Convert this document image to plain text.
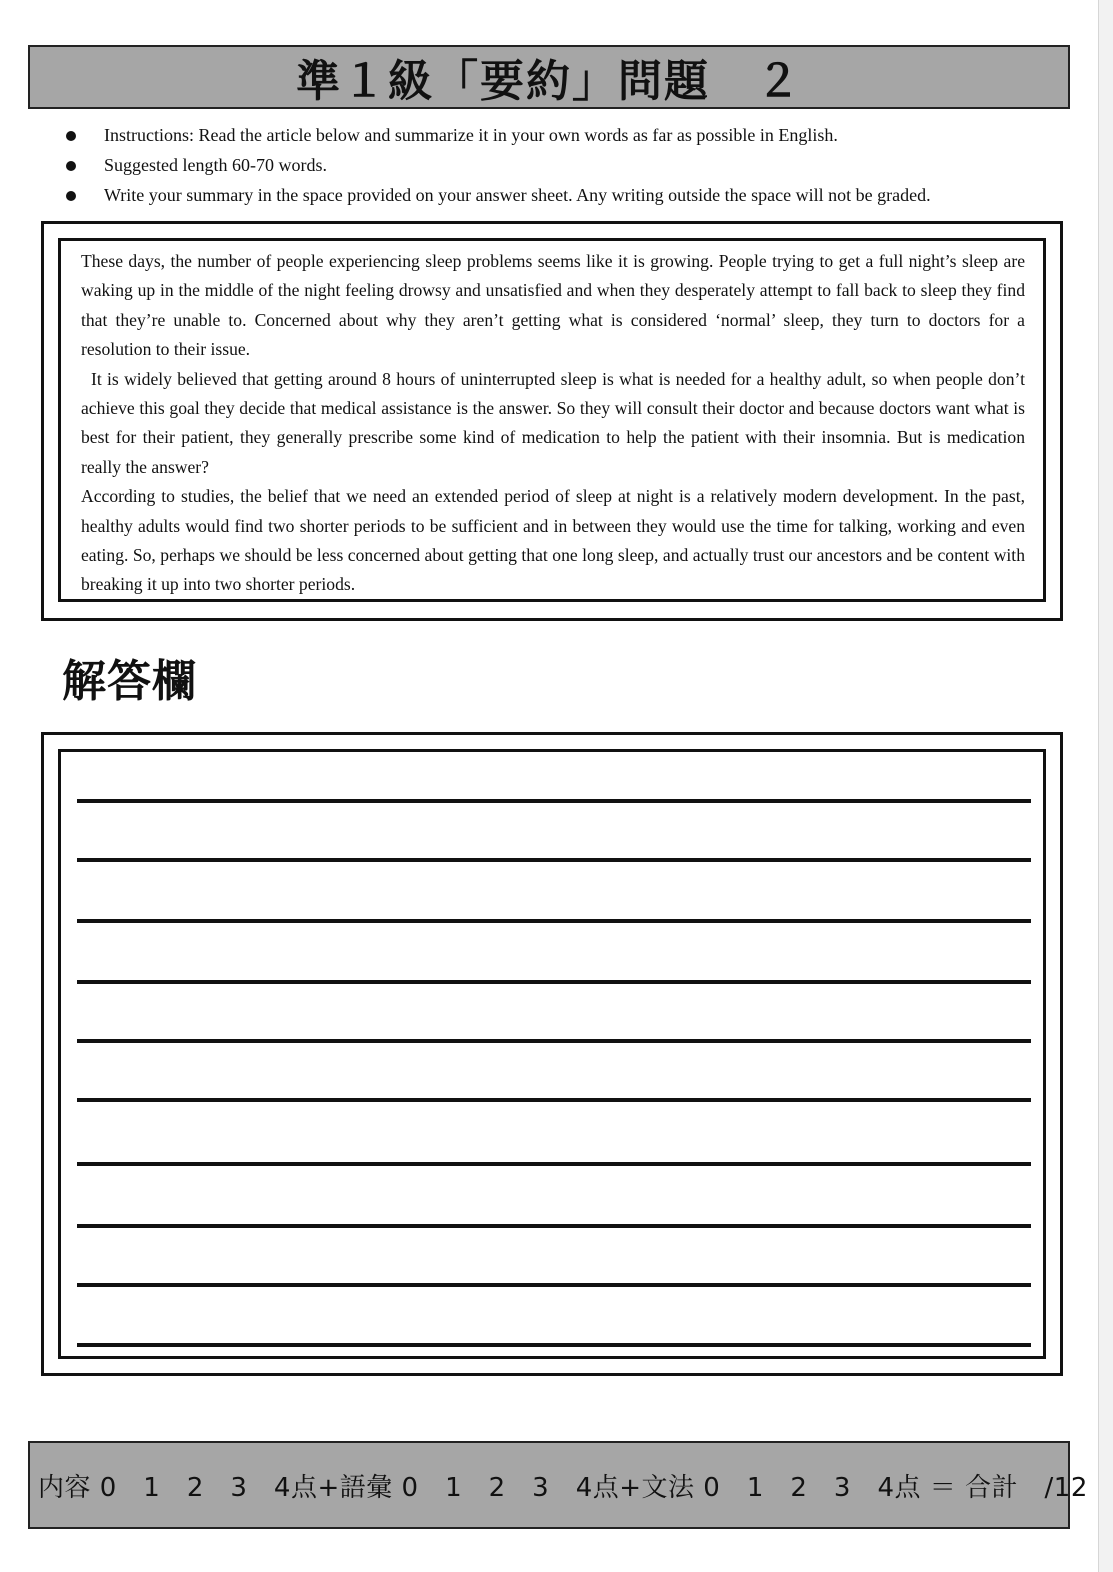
準１級「要約」問題　２
Instructions: Read the article below and summarize it in your own words as far as possible in English.
Suggested length 60-70 words.
Write your summary in the space provided on your answer sheet. Any writing outside the space will not be graded.

These days, the number of people experiencing sleep problems seems like it is growing. People trying to get a full night’s sleep are waking up in the middle of the night feeling drowsy and unsatisfied and when they desperately attempt to fall back to sleep they find that they’re unable to. Concerned about why they aren’t getting what is considered ‘normal’ sleep, they turn to doctors for a resolution to their issue.

It is widely believed that getting around 8 hours of uninterrupted sleep is what is needed for a healthy adult, so when people don’t achieve this goal they decide that medical assistance is the answer. So they will consult their doctor and because doctors want what is best for their patient, they generally prescribe some kind of medication to help the patient with their insomnia. But is medication really the answer?

According to studies, the belief that we need an extended period of sleep at night is a relatively modern development. In the past, healthy adults would find two shorter periods to be sufficient and in between they would use the time for talking, working and even eating. So, perhaps we should be less concerned about getting that one long sleep, and actually trust our ancestors and be content with breaking it up into two shorter periods.

解答欄
内容 0　1　2　3　4点+語彙 0　1　2　3　4点+文法 0　1　2　3　4点 ＝ 合計　/12
